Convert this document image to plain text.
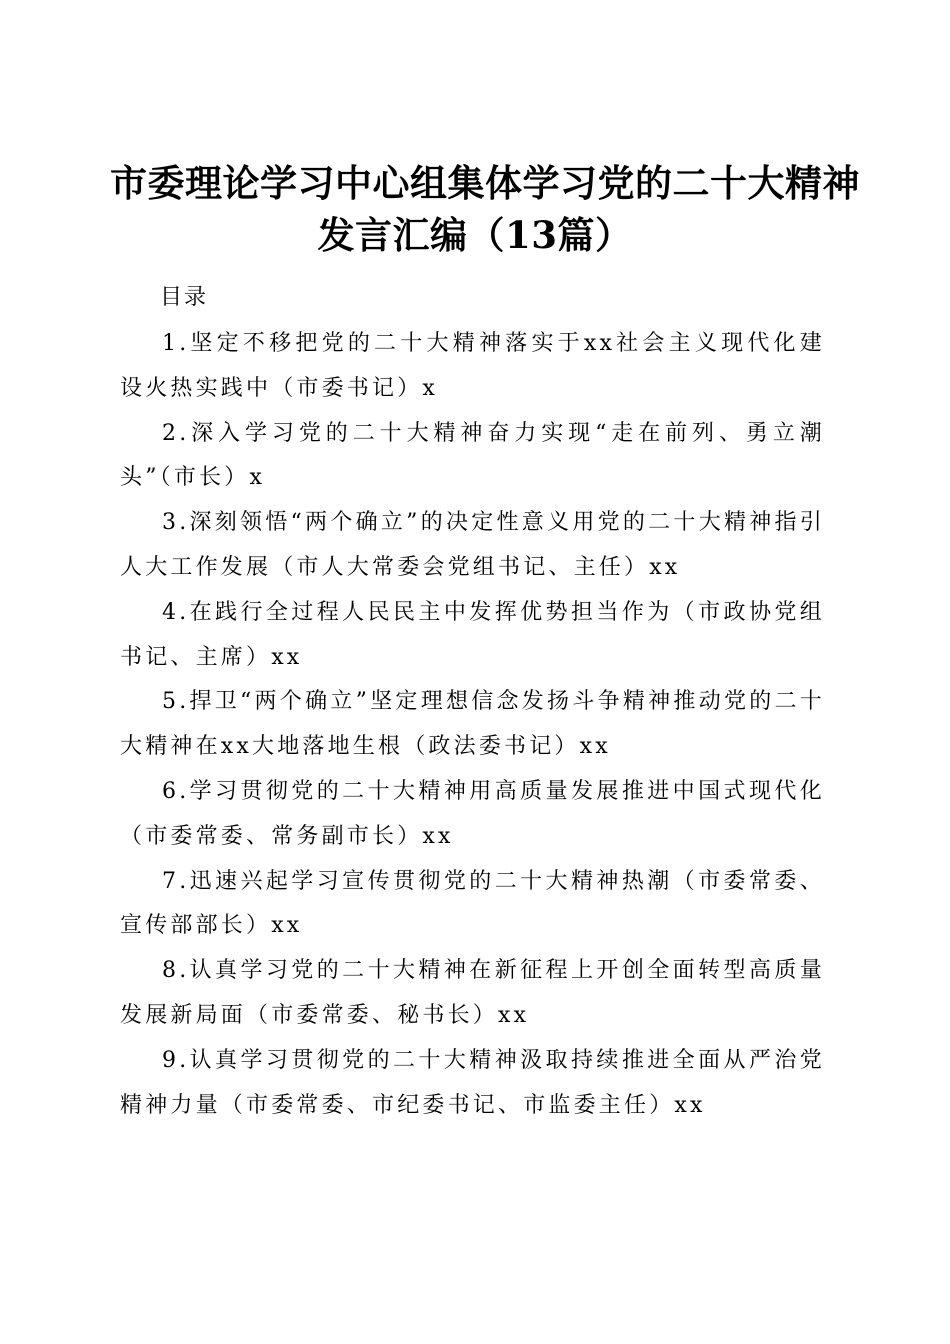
市委理论学习中心组集体学习党的二十大精神
发言汇编（13篇）
目录
1.坚定不移把党的二十大精神落实于xx社会主义现代化建设火热实践中（市委书记）x
2.深入学习党的二十大精神奋力实现“走在前列、勇立潮头”（市长）x
3.深刻领悟“两个确立”的决定性意义用党的二十大精神指引人大工作发展（市人大常委会党组书记、主任）xx
4.在践行全过程人民民主中发挥优势担当作为（市政协党组书记、主席）xx
5.捍卫“两个确立”坚定理想信念发扬斗争精神推动党的二十大精神在xx大地落地生根（政法委书记）xx
6.学习贯彻党的二十大精神用高质量发展推进中国式现代化（市委常委、常务副市长）xx
7.迅速兴起学习宣传贯彻党的二十大精神热潮（市委常委、宣传部部长）xx
8.认真学习党的二十大精神在新征程上开创全面转型高质量发展新局面（市委常委、秘书长）xx
9.认真学习贯彻党的二十大精神汲取持续推进全面从严治党精神力量（市委常委、市纪委书记、市监委主任）xx
